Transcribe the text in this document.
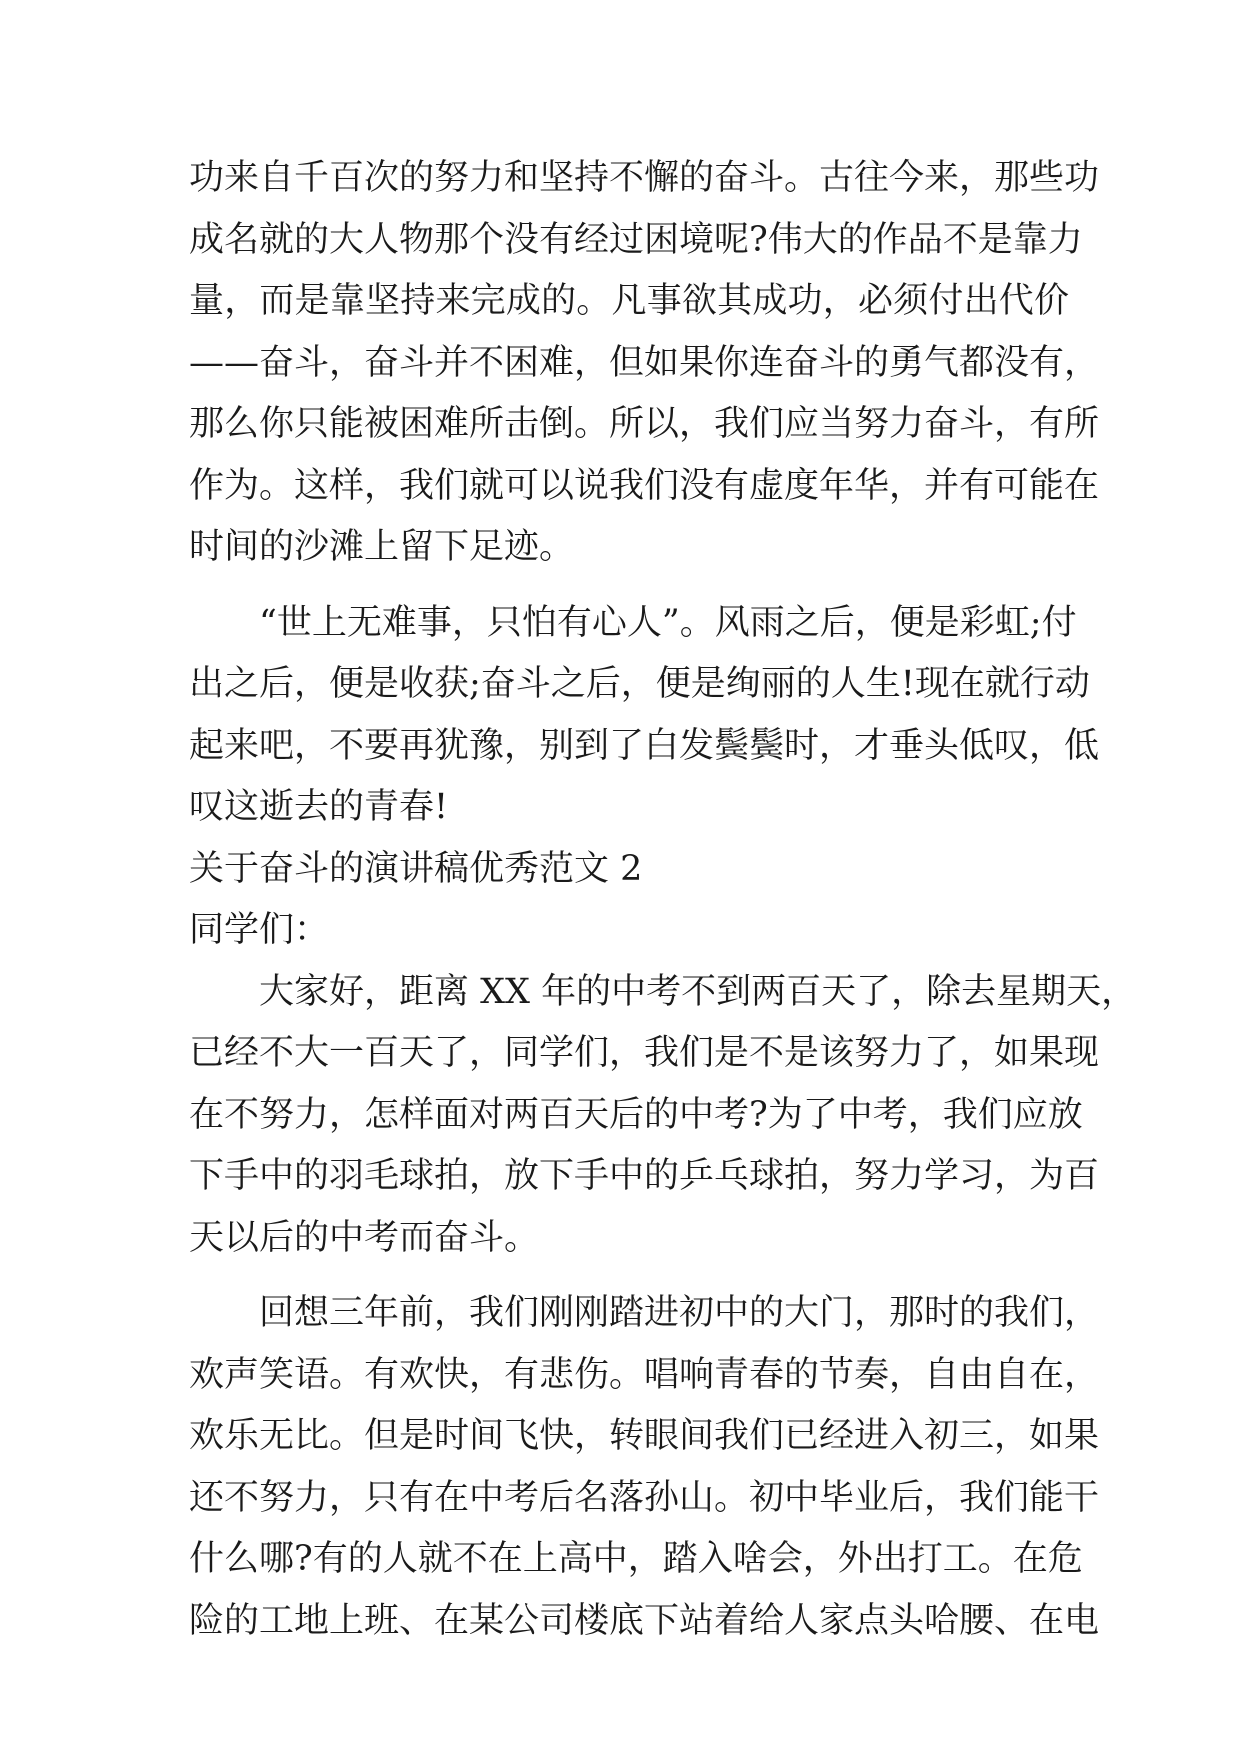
功来自千百次的努力和坚持不懈的奋斗。古往今来，那些功
成名就的大人物那个没有经过困境呢?伟大的作品不是靠力
量，而是靠坚持来完成的。凡事欲其成功，必须付出代价
——奋斗，奋斗并不困难，但如果你连奋斗的勇气都没有，
那么你只能被困难所击倒。所以，我们应当努力奋斗，有所
作为。这样，我们就可以说我们没有虚度年华，并有可能在
时间的沙滩上留下足迹。
“世上无难事，只怕有心人”。风雨之后，便是彩虹;付
出之后，便是收获;奋斗之后，便是绚丽的人生!现在就行动
起来吧，不要再犹豫，别到了白发鬓鬓时，才垂头低叹，低
叹这逝去的青春!
关于奋斗的演讲稿优秀范文 2
同学们：
大家好，距离 XX 年的中考不到两百天了，除去星期天，
已经不大一百天了，同学们，我们是不是该努力了，如果现
在不努力，怎样面对两百天后的中考?为了中考，我们应放
下手中的羽毛球拍，放下手中的乒乓球拍，努力学习，为百
天以后的中考而奋斗。
回想三年前，我们刚刚踏进初中的大门，那时的我们，
欢声笑语。有欢快，有悲伤。唱响青春的节奏，自由自在，
欢乐无比。但是时间飞快，转眼间我们已经进入初三，如果
还不努力，只有在中考后名落孙山。初中毕业后，我们能干
什么哪?有的人就不在上高中，踏入啥会，外出打工。在危
险的工地上班、在某公司楼底下站着给人家点头哈腰、在电
